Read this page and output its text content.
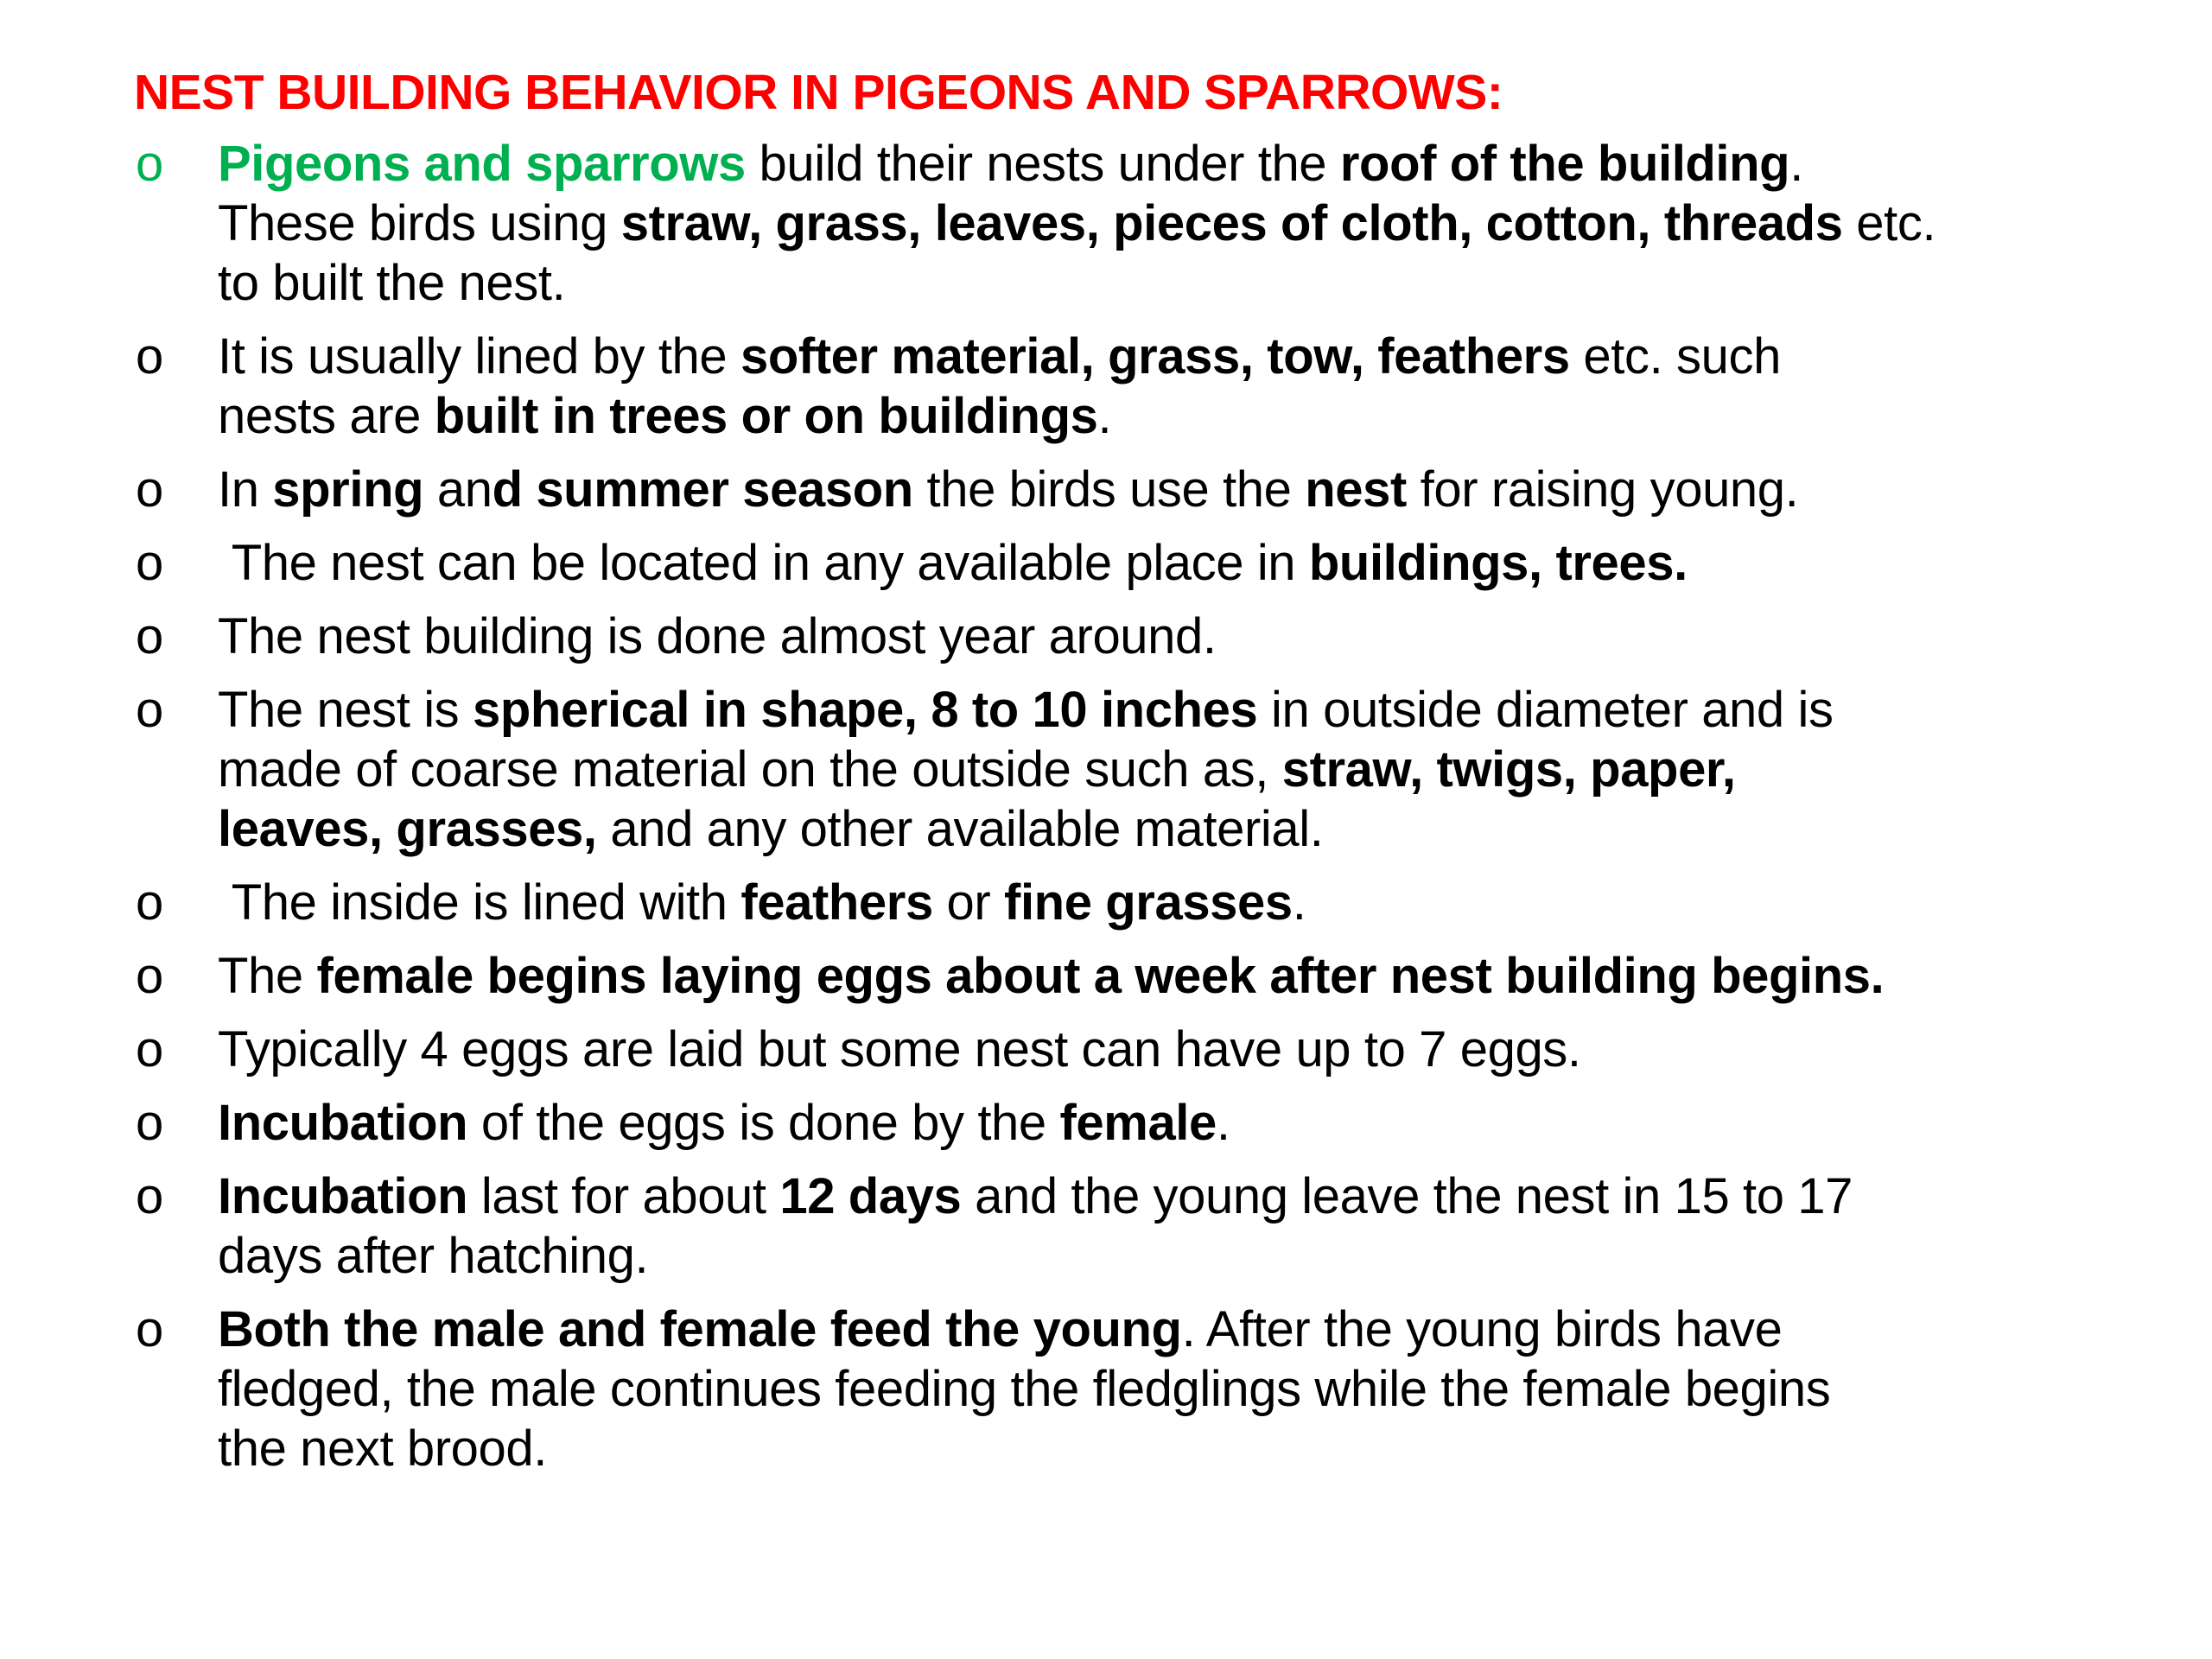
NEST BUILDING BEHAVIOR IN PIGEONS AND SPARROWS:
o	Pigeons and sparrows build their nests under the roof of the building.
These birds using straw, grass, leaves, pieces of cloth, cotton, threads etc.
to built the nest.
o	It is usually lined by the softer material, grass, tow, feathers etc. such
nests are built in trees or on buildings.
o	In spring and summer season the birds use the nest for raising young.
o	The nest can be located in any available place in buildings, trees.
o	The nest building is done almost year around.
o	The nest is spherical in shape, 8 to 10 inches in outside diameter and is
made of coarse material on the outside such as, straw, twigs, paper,
leaves, grasses, and any other available material.
o	The inside is lined with feathers or fine grasses.
o	The female begins laying eggs about a week after nest building begins.
o	Typically 4 eggs are laid but some nest can have up to 7 eggs.
o	Incubation of the eggs is done by the female.
o	Incubation last for about 12 days and the young leave the nest in 15 to 17
days after hatching.
o	Both the male and female feed the young. After the young birds have
fledged, the male continues feeding the fledglings while the female begins
the next brood.
